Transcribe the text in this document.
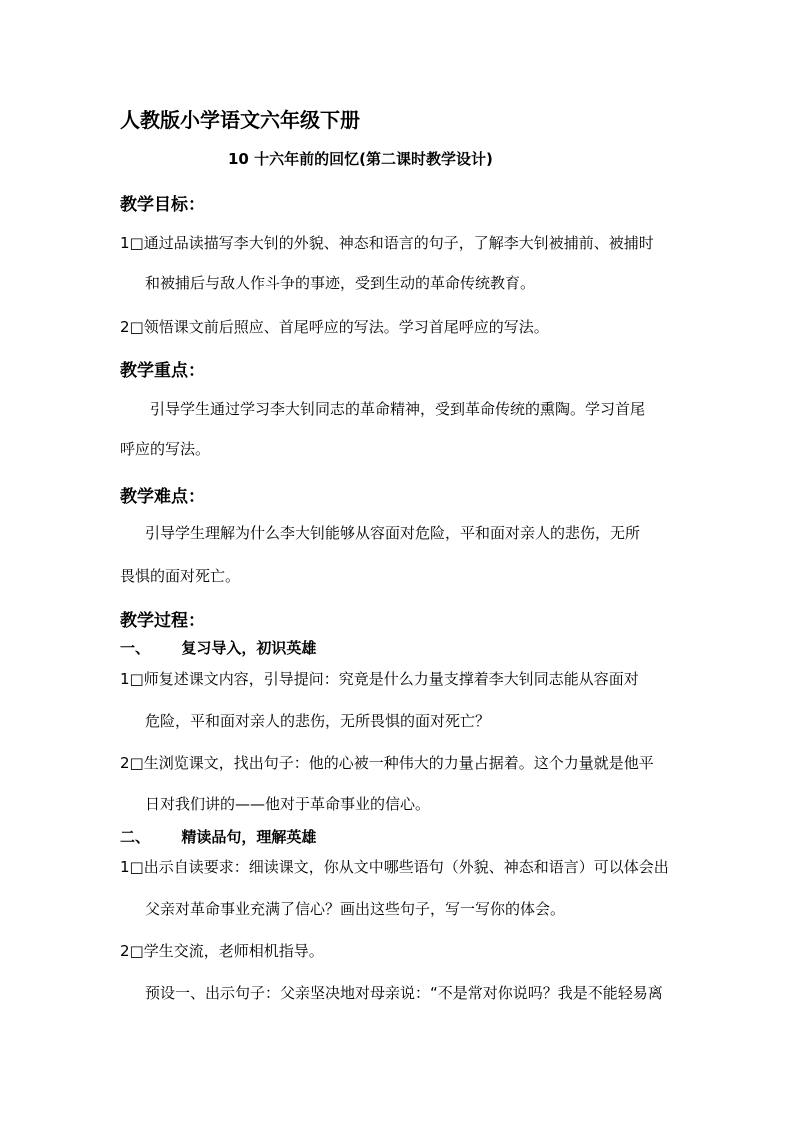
人教版小学语文六年级下册
10 十六年前的回忆(第二课时教学设计)
教学目标：
1□通过品读描写李大钊的外貌、神态和语言的句子，了解李大钊被捕前、被捕时
和被捕后与敌人作斗争的事迹，受到生动的革命传统教育。
2□领悟课文前后照应、首尾呼应的写法。学习首尾呼应的写法。
教学重点：
引导学生通过学习李大钊同志的革命精神，受到革命传统的熏陶。学习首尾
呼应的写法。
教学难点：
引导学生理解为什么李大钊能够从容面对危险，平和面对亲人的悲伤，无所
畏惧的面对死亡。
教学过程：
一、      复习导入，初识英雄
1□师复述课文内容，引导提问：究竟是什么力量支撑着李大钊同志能从容面对
危险，平和面对亲人的悲伤，无所畏惧的面对死亡？
2□生浏览课文，找出句子：他的心被一种伟大的力量占据着。这个力量就是他平
日对我们讲的——他对于革命事业的信心。
二、      精读品句，理解英雄
1□出示自读要求：细读课文，你从文中哪些语句（外貌、神态和语言）可以体会出
父亲对革命事业充满了信心？画出这些句子，写一写你的体会。
2□学生交流，老师相机指导。
预设一、出示句子：父亲坚决地对母亲说：“不是常对你说吗？我是不能轻易离
